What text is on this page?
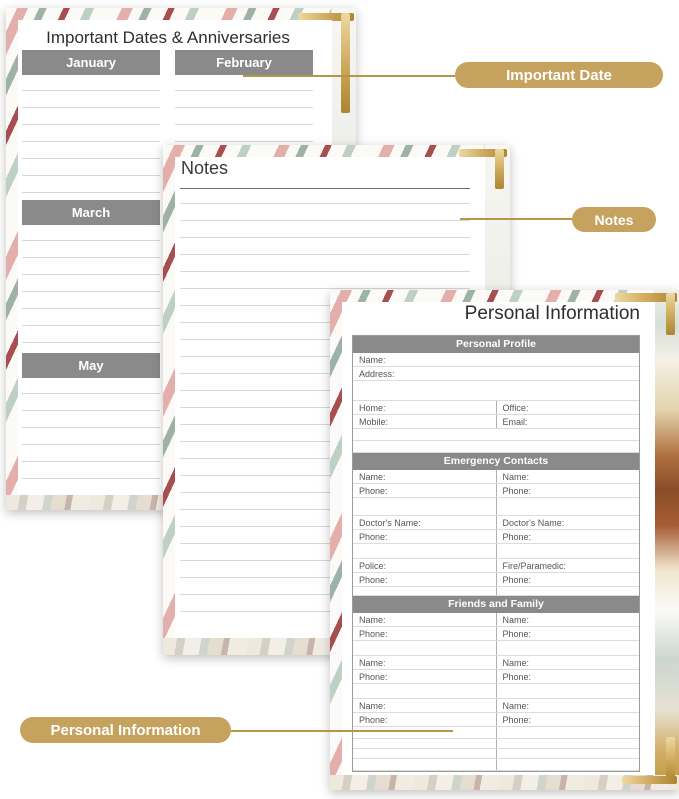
Important Dates & Anniversaries
January	February
March
May
Notes
Personal Information
Personal Profile
Name:
Address:
Home:	Office:
Mobile:	Email:
Emergency Contacts
Name:	Name:
Phone:	Phone:
Doctor's Name:	Doctor's Name:
Phone:	Phone:
Police:	Fire/Paramedic:
Phone:	Phone:
Friends and Family
Name:	Name:
Phone:	Phone:
Name:	Name:
Phone:	Phone:
Name:	Name:
Phone:	Phone:
Important Date
Notes
Personal Information
